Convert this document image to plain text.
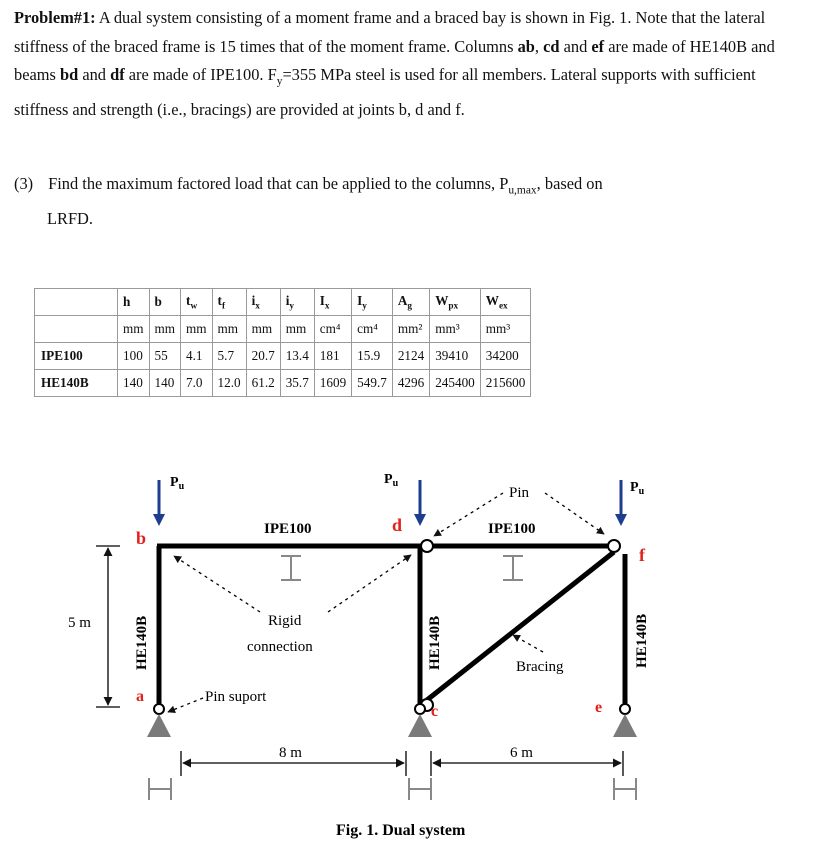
Problem#1: A dual system consisting of a moment frame and a braced bay is shown in Fig. 1. Note that the lateral stiffness of the braced frame is 15 times that of the moment frame. Columns ab, cd and ef are made of HE140B and beams bd and df are made of IPE100. $F_y=355$ MPa steel is used for all members. Lateral supports with sufficient stiffness and strength (i.e., bracings) are provided at joints b, d and f.
(3) Find the maximum factored load that can be applied to the columns, $P_{u,max}$, based on
LRFD.
	h	b	$t_w$	$t_f$	$i_x$	$i_y$	$I_x$	$I_y$	$A_g$	$W_{px}$	$W_{ex}$
	mm	mm	mm	mm	mm	mm	cm⁴	cm⁴	mm²	mm³	mm³
IPE100	100	55	4.1	5.7	20.7	13.4	181	15.9	2124	39410	34200
HE140B	140	140	7.0	12.0	61.2	35.7	1609	549.7	4296	245400	215600
$P_u$	$P_u$	$P_u$
b
d
f
a
c	e
IPE100	IPE100
HE140B	HE140B	HE140B
Pin
Rigid
connection
Bracing
Pin suport
5 m
8 m	6 m
Fig. 1. Dual system
